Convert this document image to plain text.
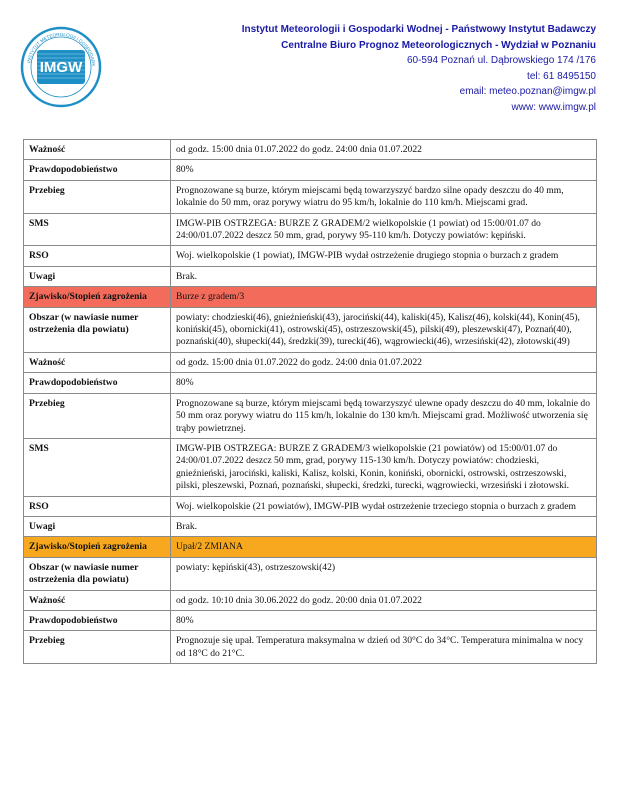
IMGW
INSTYTUT METEOROLOGII I GOSPODARK
Instytut Meteorologii i Gospodarki Wodnej - Państwowy Instytut Badawczy
Centralne Biuro Prognoz Meteorologicznych - Wydział w Poznaniu
60-594 Poznań ul. Dąbrowskiego 174 /176
tel: 61 8495150
email: meteo.poznan@imgw.pl
www: www.imgw.pl
Ważność	od godz. 15:00 dnia 01.07.2022 do godz. 24:00 dnia 01.07.2022
Prawdopodobieństwo	80%
Przebieg	Prognozowane są burze, którym miejscami będą towarzyszyć bardzo silne opady deszczu do 40 mm, lokalnie do 50 mm, oraz porywy wiatru do 95 km/h, lokalnie do 110 km/h. Miejscami grad.
SMS	IMGW-PIB OSTRZEGA: BURZE Z GRADEM/2 wielkopolskie (1 powiat) od 15:00/01.07 do 24:00/01.07.2022 deszcz 50 mm, grad, porywy 95-110 km/h. Dotyczy powiatów: kępiński.
RSO	Woj. wielkopolskie (1 powiat), IMGW-PIB wydał ostrzeżenie drugiego stopnia o burzach z gradem
Uwagi	Brak.
Zjawisko/Stopień zagrożenia	Burze z gradem/3
Obszar (w nawiasie numer ostrzeżenia dla powiatu)	powiaty: chodzieski(46), gnieźnieński(43), jarociński(44), kaliski(45), Kalisz(46), kolski(44), Konin(45), koniński(45), obornicki(41), ostrowski(45), ostrzeszowski(45), pilski(49), pleszewski(47), Poznań(40), poznański(40), słupecki(44), średzki(39), turecki(46), wągrowiecki(46), wrzesiński(42), złotowski(49)
Ważność	od godz. 15:00 dnia 01.07.2022 do godz. 24:00 dnia 01.07.2022
Prawdopodobieństwo	80%
Przebieg	Prognozowane są burze, którym miejscami będą towarzyszyć ulewne opady deszczu do 40 mm, lokalnie do 50 mm oraz porywy wiatru do 115 km/h, lokalnie do 130 km/h. Miejscami grad. Możliwość utworzenia się trąby powietrznej.
SMS	IMGW-PIB OSTRZEGA: BURZE Z GRADEM/3 wielkopolskie (21 powiatów) od 15:00/01.07 do 24:00/01.07.2022 deszcz 50 mm, grad, porywy 115-130 km/h. Dotyczy powiatów: chodzieski, gnieźnieński, jarociński, kaliski, Kalisz, kolski, Konin, koniński, obornicki, ostrowski, ostrzeszowski, pilski, pleszewski, Poznań, poznański, słupecki, średzki, turecki, wągrowiecki, wrzesiński i złotowski.
RSO	Woj. wielkopolskie (21 powiatów), IMGW-PIB wydał ostrzeżenie trzeciego stopnia o burzach z gradem
Uwagi	Brak.
Zjawisko/Stopień zagrożenia	Upał/2 ZMIANA
Obszar (w nawiasie numer ostrzeżenia dla powiatu)	powiaty: kępiński(43), ostrzeszowski(42)
Ważność	od godz. 10:10 dnia 30.06.2022 do godz. 20:00 dnia 01.07.2022
Prawdopodobieństwo	80%
Przebieg	Prognozuje się upał. Temperatura maksymalna w dzień od 30°C do 34°C. Temperatura minimalna w nocy od 18°C do 21°C.
